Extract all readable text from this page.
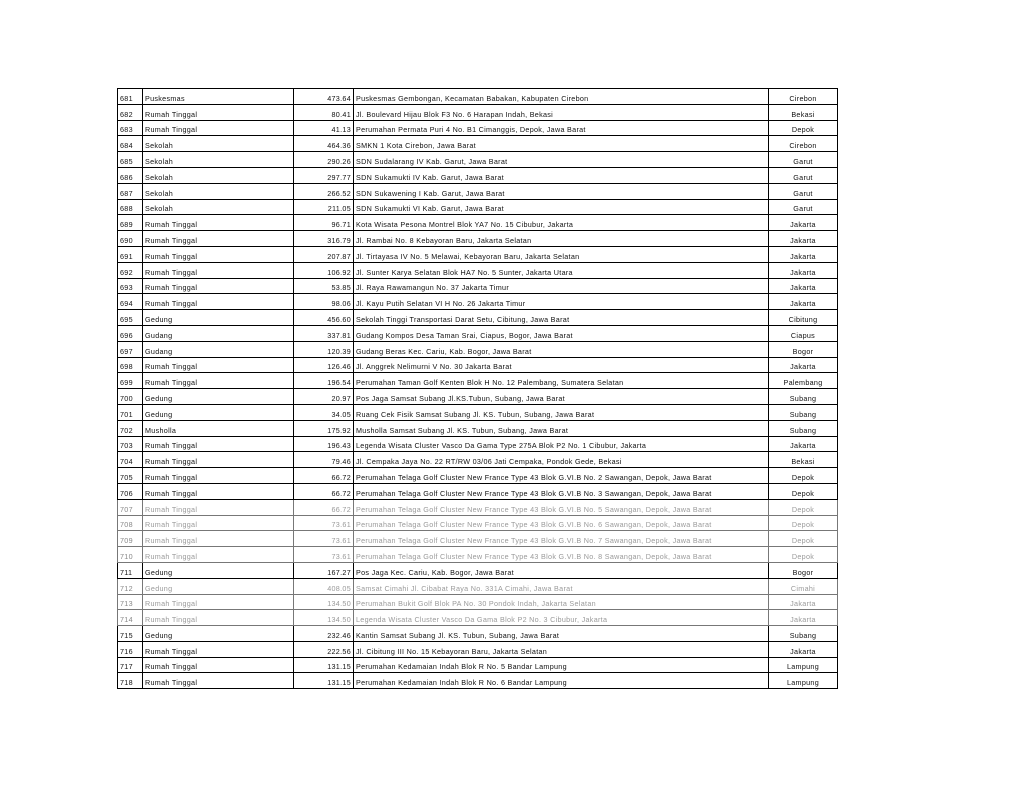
681	Puskesmas	473.64	Puskesmas Gembongan, Kecamatan Babakan, Kabupaten Cirebon	Cirebon
682	Rumah Tinggal	80.41	Jl. Boulevard Hijau Blok F3 No. 6 Harapan Indah, Bekasi	Bekasi
683	Rumah Tinggal	41.13	Perumahan Permata Puri 4 No. B1 Cimanggis, Depok, Jawa Barat	Depok
684	Sekolah	464.36	SMKN 1 Kota Cirebon, Jawa Barat	Cirebon
685	Sekolah	290.26	SDN Sudalarang IV Kab. Garut, Jawa Barat	Garut
686	Sekolah	297.77	SDN Sukamukti IV Kab. Garut, Jawa Barat	Garut
687	Sekolah	266.52	SDN Sukawening I Kab. Garut, Jawa Barat	Garut
688	Sekolah	211.05	SDN Sukamukti VI Kab. Garut, Jawa Barat	Garut
689	Rumah Tinggal	96.71	Kota Wisata Pesona Montrel Blok YA7 No. 15 Cibubur, Jakarta	Jakarta
690	Rumah Tinggal	316.79	Jl. Rambai No. 8 Kebayoran Baru, Jakarta Selatan	Jakarta
691	Rumah Tinggal	207.87	Jl. Tirtayasa IV No. 5 Melawai, Kebayoran Baru, Jakarta Selatan	Jakarta
692	Rumah Tinggal	106.92	Jl. Sunter Karya Selatan Blok HA7 No. 5 Sunter, Jakarta Utara	Jakarta
693	Rumah Tinggal	53.85	Jl. Raya Rawamangun No. 37 Jakarta Timur	Jakarta
694	Rumah Tinggal	98.06	Jl. Kayu Putih Selatan VI H No. 26 Jakarta Timur	Jakarta
695	Gedung	456.60	Sekolah Tinggi Transportasi Darat Setu, Cibitung, Jawa Barat	Cibitung
696	Gudang	337.81	Gudang Kompos Desa Taman Srai, Ciapus, Bogor, Jawa Barat	Ciapus
697	Gudang	120.39	Gudang Beras Kec. Cariu, Kab. Bogor, Jawa Barat	Bogor
698	Rumah Tinggal	126.46	Jl. Anggrek Nelimurni V No. 30 Jakarta Barat	Jakarta
699	Rumah Tinggal	196.54	Perumahan Taman Golf Kenten Blok H No. 12 Palembang, Sumatera Selatan	Palembang
700	Gedung	20.97	Pos Jaga Samsat Subang Jl.KS.Tubun, Subang, Jawa Barat	Subang
701	Gedung	34.05	Ruang Cek Fisik Samsat Subang Jl. KS. Tubun, Subang, Jawa Barat	Subang
702	Musholla	175.92	Musholla Samsat Subang Jl. KS. Tubun, Subang, Jawa Barat	Subang
703	Rumah Tinggal	196.43	Legenda Wisata Cluster Vasco Da Gama Type 275A Blok P2 No. 1 Cibubur, Jakarta	Jakarta
704	Rumah Tinggal	79.46	Jl. Cempaka Jaya No. 22 RT/RW 03/06 Jati Cempaka, Pondok Gede, Bekasi	Bekasi
705	Rumah Tinggal	66.72	Perumahan Telaga Golf Cluster New France Type 43 Blok G.VI.B No. 2 Sawangan, Depok, Jawa Barat	Depok
706	Rumah Tinggal	66.72	Perumahan Telaga Golf Cluster New France Type 43 Blok G.VI.B No. 3 Sawangan, Depok, Jawa Barat	Depok
707	Rumah Tinggal	66.72	Perumahan Telaga Golf Cluster New France Type 43 Blok G.VI.B No. 5 Sawangan, Depok, Jawa Barat	Depok
708	Rumah Tinggal	73.61	Perumahan Telaga Golf Cluster New France Type 43 Blok G.VI.B No. 6 Sawangan, Depok, Jawa Barat	Depok
709	Rumah Tinggal	73.61	Perumahan Telaga Golf Cluster New France Type 43 Blok G.VI.B No. 7 Sawangan, Depok, Jawa Barat	Depok
710	Rumah Tinggal	73.61	Perumahan Telaga Golf Cluster New France Type 43 Blok G.VI.B No. 8 Sawangan, Depok, Jawa Barat	Depok
711	Gedung	167.27	Pos Jaga Kec. Cariu, Kab. Bogor, Jawa Barat	Bogor
712	Gedung	408.05	Samsat Cimahi Jl. Cibabat Raya No. 331A Cimahi, Jawa Barat	Cimahi
713	Rumah Tinggal	134.50	Perumahan Bukit Golf Blok PA No. 30 Pondok Indah, Jakarta Selatan	Jakarta
714	Rumah Tinggal	134.50	Legenda Wisata Cluster Vasco Da Gama Blok P2 No. 3 Cibubur, Jakarta	Jakarta
715	Gedung	232.46	Kantin Samsat Subang Jl. KS. Tubun, Subang, Jawa Barat	Subang
716	Rumah Tinggal	222.56	Jl. Cibitung III No. 15 Kebayoran Baru, Jakarta Selatan	Jakarta
717	Rumah Tinggal	131.15	Perumahan Kedamaian Indah Blok R No. 5 Bandar Lampung	Lampung
718	Rumah Tinggal	131.15	Perumahan Kedamaian Indah Blok R No. 6 Bandar Lampung	Lampung
